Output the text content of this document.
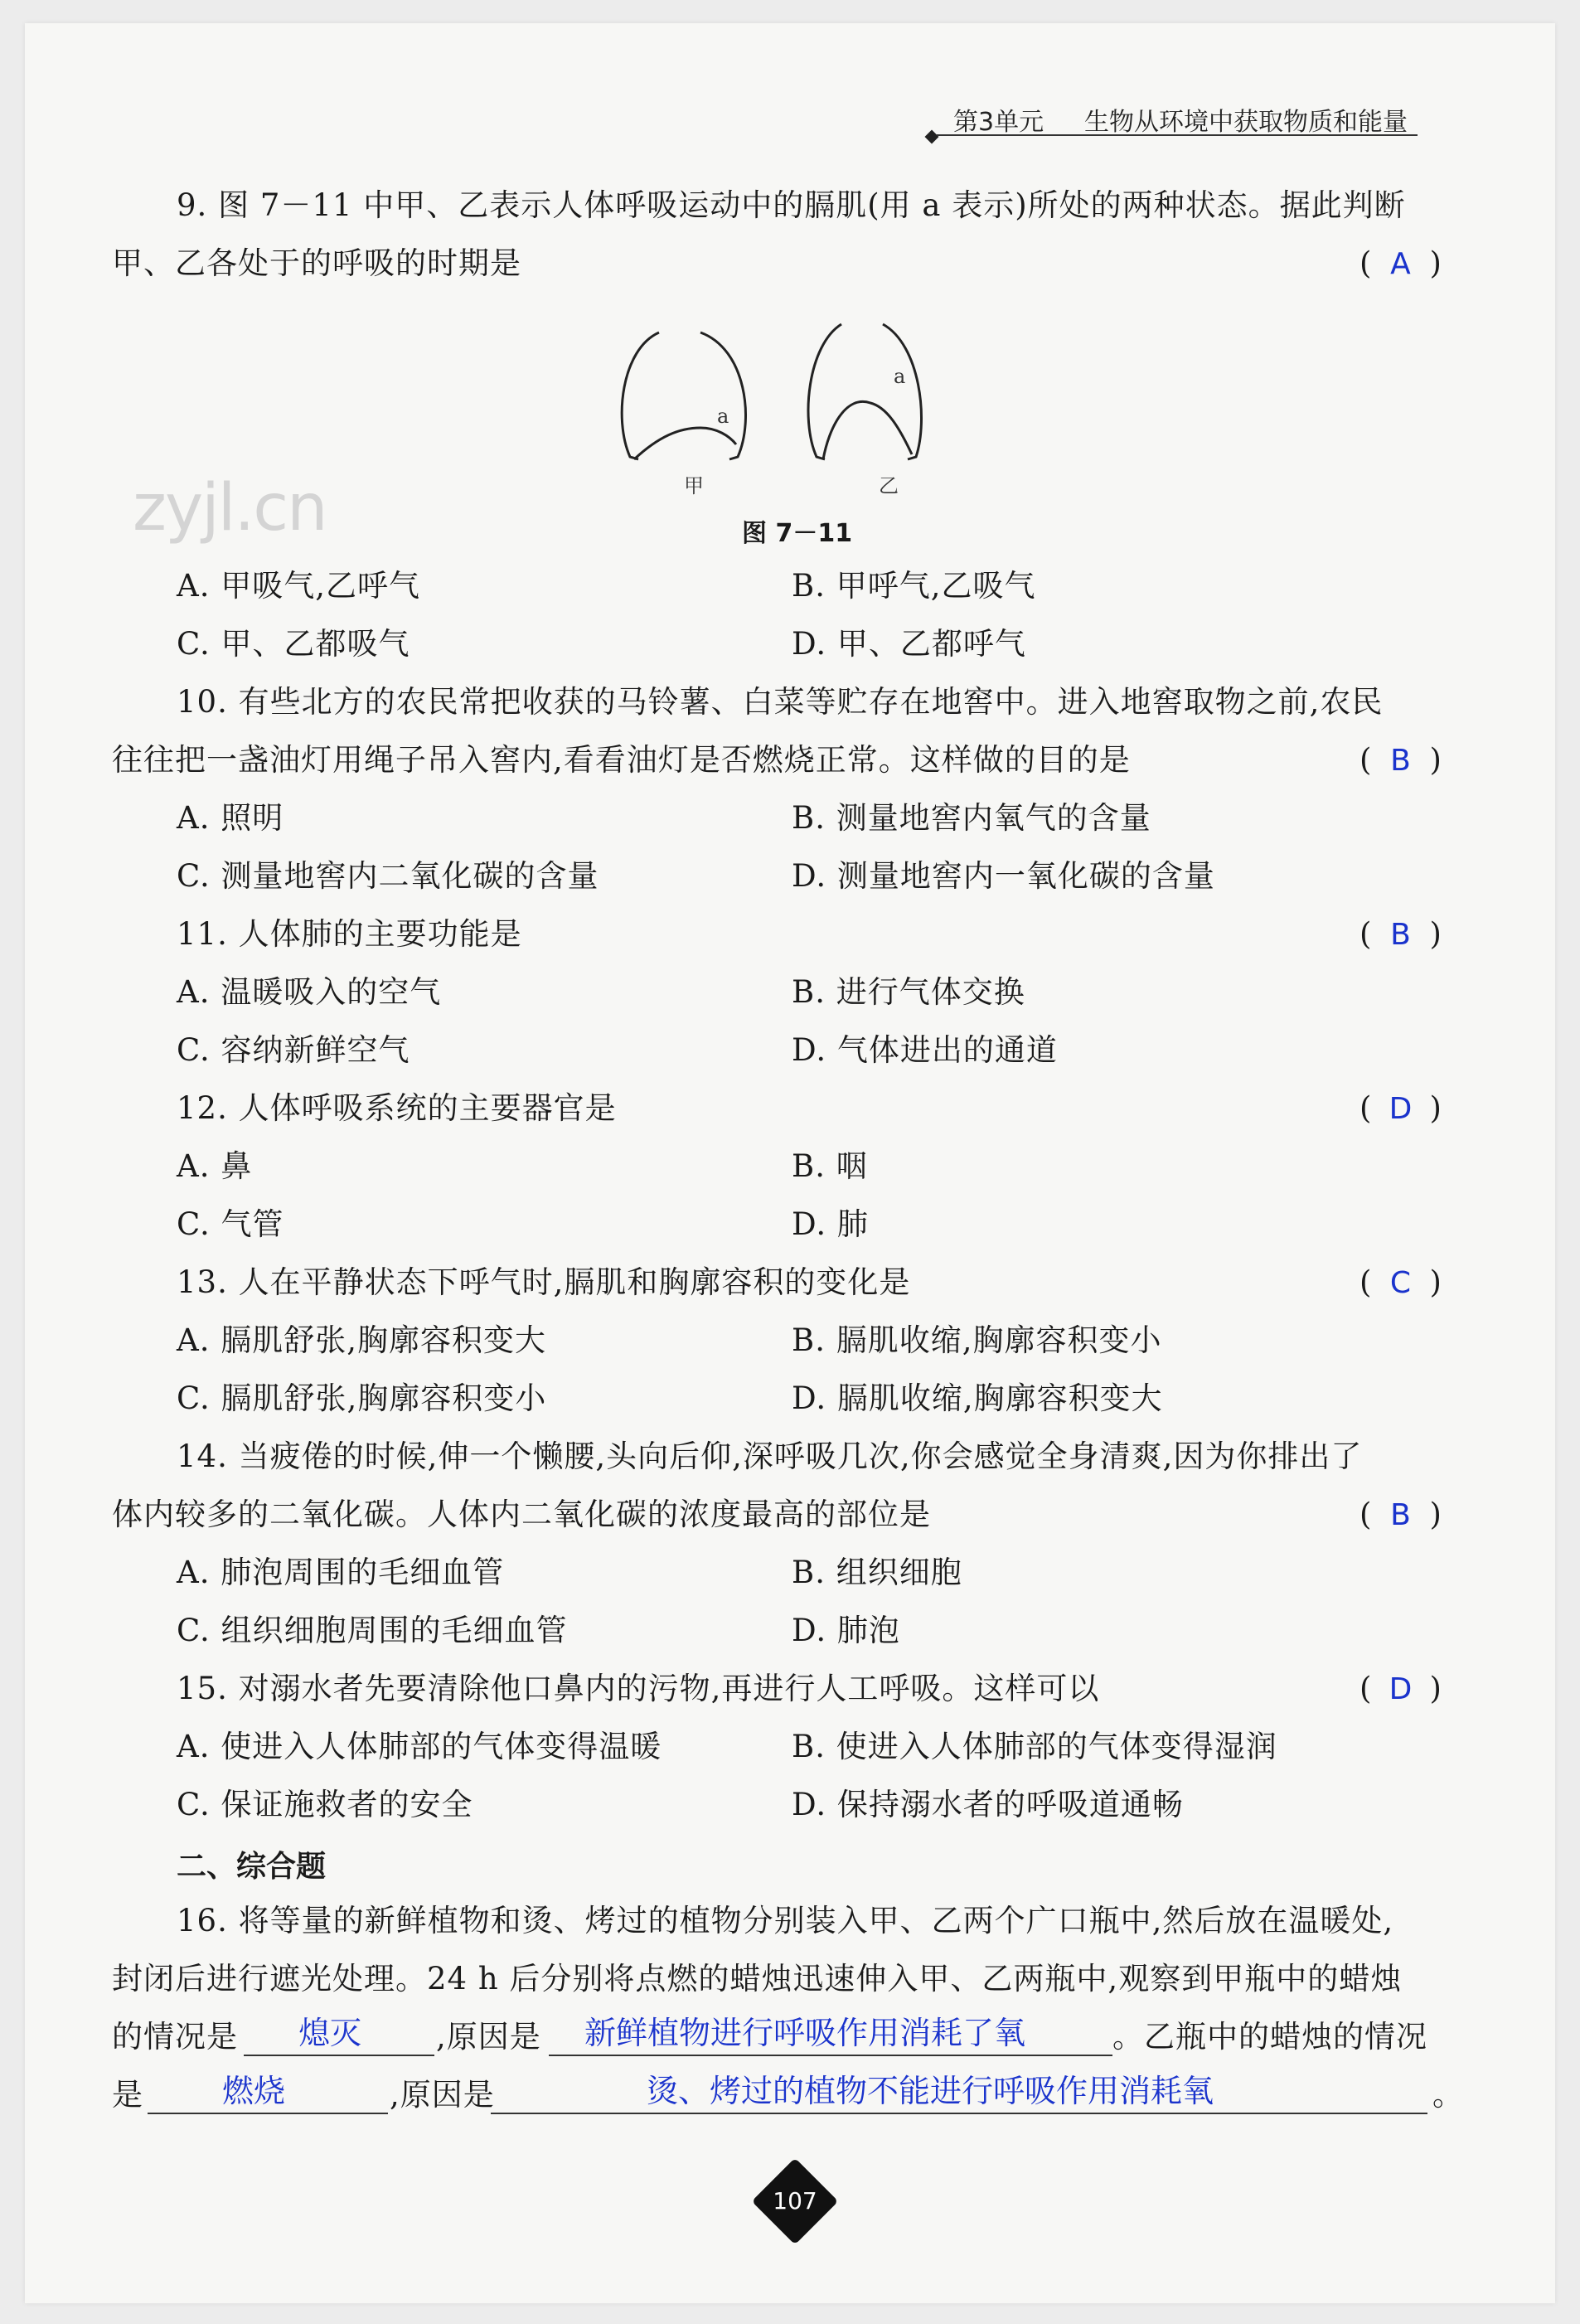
第3单元 生物从环境中获取物质和能量
zyjl.cn
9. 图 7－11 中甲、乙表示人体呼吸运动中的膈肌(用 a 表示)所处的两种状态。据此判断
甲、乙各处于的呼吸的时期是	( A )
a
a
甲	乙
图 7－11
A. 甲吸气,乙呼气	B. 甲呼气,乙吸气
C. 甲、乙都吸气	D. 甲、乙都呼气
10. 有些北方的农民常把收获的马铃薯、白菜等贮存在地窖中。进入地窖取物之前,农民
往往把一盏油灯用绳子吊入窖内,看看油灯是否燃烧正常。这样做的目的是	( B )
A. 照明	B. 测量地窖内氧气的含量
C. 测量地窖内二氧化碳的含量	D. 测量地窖内一氧化碳的含量
11. 人体肺的主要功能是	( B )
A. 温暖吸入的空气	B. 进行气体交换
C. 容纳新鲜空气	D. 气体进出的通道
12. 人体呼吸系统的主要器官是	( D )
A. 鼻	B. 咽
C. 气管	D. 肺
13. 人在平静状态下呼气时,膈肌和胸廓容积的变化是	( C )
A. 膈肌舒张,胸廓容积变大	B. 膈肌收缩,胸廓容积变小
C. 膈肌舒张,胸廓容积变小	D. 膈肌收缩,胸廓容积变大
14. 当疲倦的时候,伸一个懒腰,头向后仰,深呼吸几次,你会感觉全身清爽,因为你排出了
体内较多的二氧化碳。人体内二氧化碳的浓度最高的部位是	( B )
A. 肺泡周围的毛细血管	B. 组织细胞
C. 组织细胞周围的毛细血管	D. 肺泡
15. 对溺水者先要清除他口鼻内的污物,再进行人工呼吸。这样可以	( D )
A. 使进入人体肺部的气体变得温暖	B. 使进入人体肺部的气体变得湿润
C. 保证施救者的安全	D. 保持溺水者的呼吸道通畅
二、综合题
16. 将等量的新鲜植物和烫、烤过的植物分别装入甲、乙两个广口瓶中,然后放在温暖处,
封闭后进行遮光处理。24 h 后分别将点燃的蜡烛迅速伸入甲、乙两瓶中,观察到甲瓶中的蜡烛
的情况是 熄灭 ,原因是 新鲜植物进行呼吸作用消耗了氧	。乙瓶中的蜡烛的情况
是	燃烧	,原因是	烫、烤过的植物不能进行呼吸作用消耗氧	。
107
